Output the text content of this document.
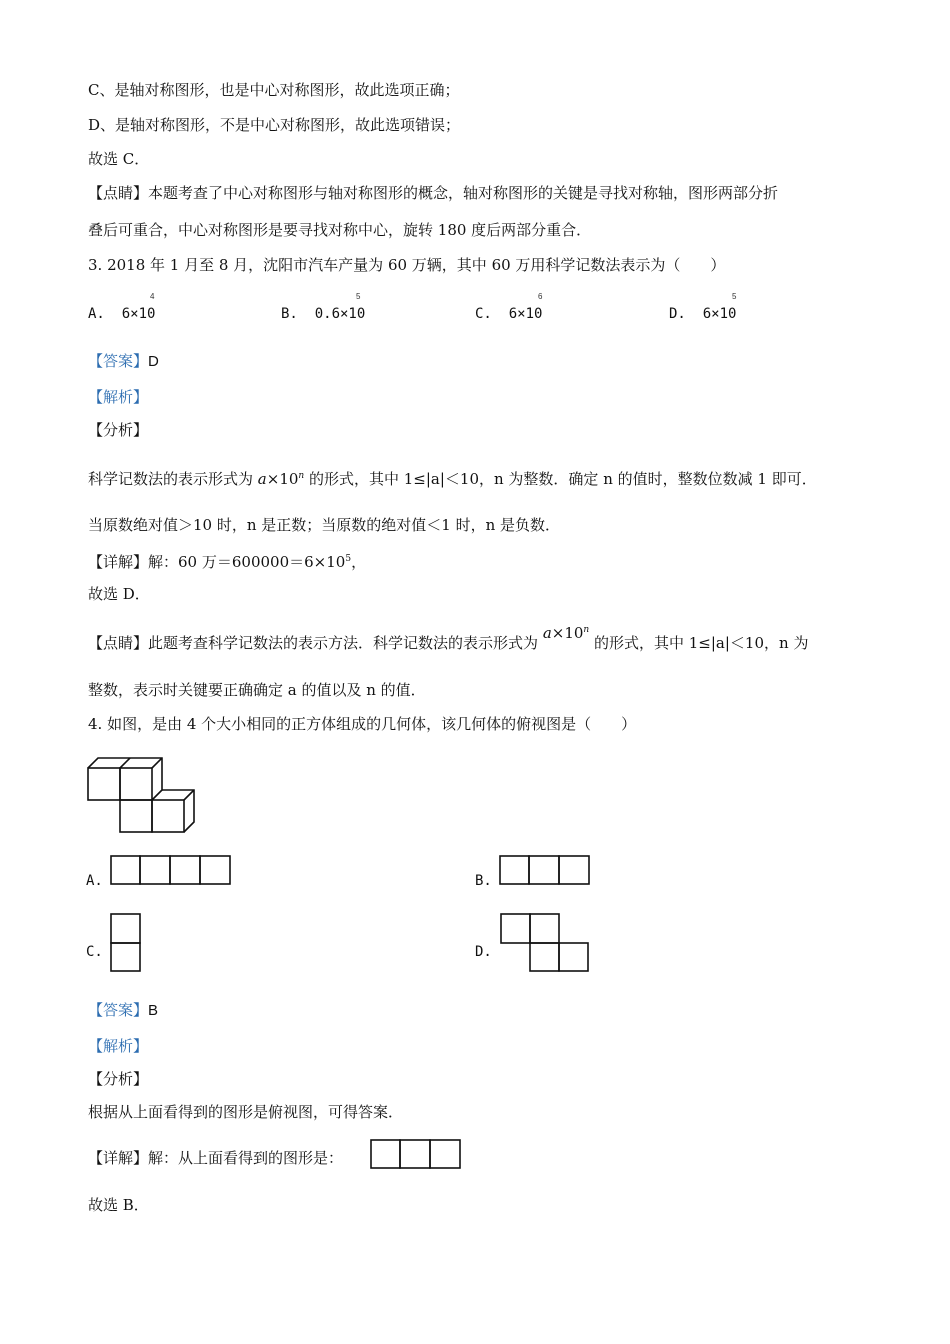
C、是轴对称图形，也是中心对称图形，故此选项正确；
D、是轴对称图形，不是中心对称图形，故此选项错误；
故选 C．
【点睛】本题考查了中心对称图形与轴对称图形的概念，轴对称图形的关键是寻找对称轴，图形两部分折
叠后可重合，中心对称图形是要寻找对称中心，旋转 180 度后两部分重合．
3. 2018 年 1 月至 8 月，沈阳市汽车产量为 60 万辆，其中 60 万用科学记数法表示为（　　）
A. 6×10
4
B. 0.6×10
5
C. 6×10
6
D. 6×10
5
【答案】D
【解析】
【分析】
科学记数法的表示形式为 $a\times 10^n$ 的形式，其中 1≤|a|＜10，n 为整数．确定 n 的值时，整数位数减 1 即可．
当原数绝对值＞10 时，n 是正数；当原数的绝对值＜1 时，n 是负数．
【详解】解：60 万$=600000=6\times 10^5$，
故选 D．
【点睛】此题考查科学记数法的表示方法．科学记数法的表示形式为 $a\times 10^n$ 的形式，其中 1≤|a|＜10，n 为
整数，表示时关键要正确确定 a 的值以及 n 的值．
4. 如图，是由 4 个大小相同的正方体组成的几何体，该几何体的俯视图是（　　）
A.	B.
C.	D.
【答案】B
【解析】
【分析】
根据从上面看得到的图形是俯视图，可得答案．
【详解】解：从上面看得到的图形是：
故选 B．
